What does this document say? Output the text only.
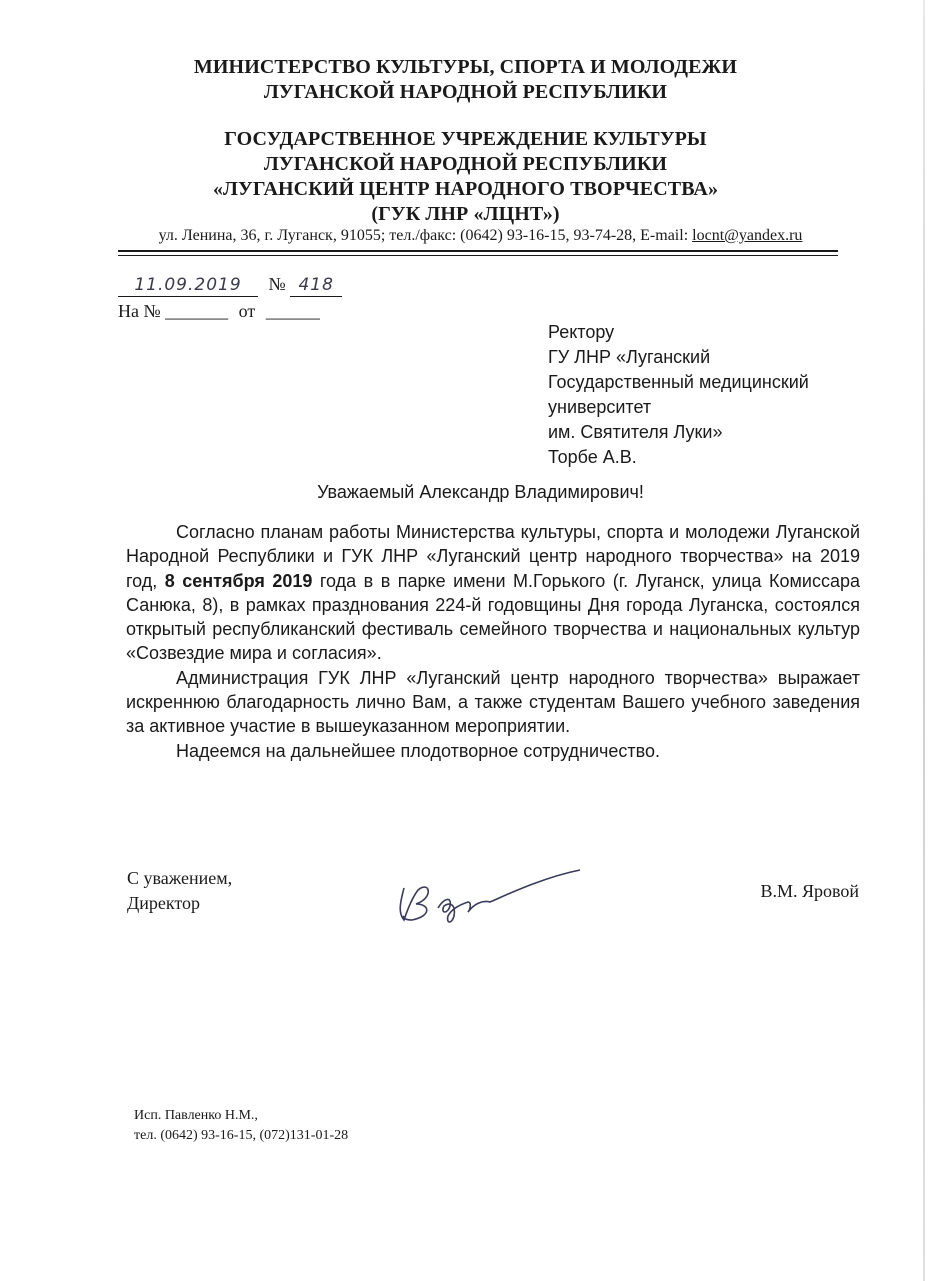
МИНИСТЕРСТВО КУЛЬТУРЫ, СПОРТА И МОЛОДЕЖИ
ЛУГАНСКОЙ НАРОДНОЙ РЕСПУБЛИКИ
ГОСУДАРСТВЕННОЕ УЧРЕЖДЕНИЕ КУЛЬТУРЫ
ЛУГАНСКОЙ НАРОДНОЙ РЕСПУБЛИКИ
«ЛУГАНСКИЙ ЦЕНТР НАРОДНОГО ТВОРЧЕСТВА»
(ГУК ЛНР «ЛЦНТ»)
ул. Ленина, 36, г. Луганск, 91055; тел./факс: (0642) 93-16-15, 93-74-28, E-mail: locnt@yandex.ru
11.09.2019 № 418
На № _______ от ______
Ректору
ГУ ЛНР «Луганский
Государственный медицинский
университет
им. Святителя Луки»
Торбе А.В.
Уважаемый Александр Владимирович!

Согласно планам работы Министерства культуры, спорта и молодежи Луганской Народной Республики и ГУК ЛНР «Луганский центр народного творчества» на 2019 год, 8 сентября 2019 года в в парке имени М.Горького (г. Луганск, улица Комиссара Санюка, 8), в рамках празднования 224-й годовщины Дня города Луганска, состоялся открытый республиканский фестиваль семейного творчества и национальных культур «Созвездие мира и согласия».

Администрация ГУК ЛНР «Луганский центр народного творчества» выражает искреннюю благодарность лично Вам, а также студентам Вашего учебного заведения за активное участие в вышеуказанном мероприятии.

Надеемся на дальнейшее плодотворное сотрудничество.

С уважением,
Директор
В.М. Яровой
Исп. Павленко Н.М.,
тел. (0642) 93-16-15, (072)131-01-28
